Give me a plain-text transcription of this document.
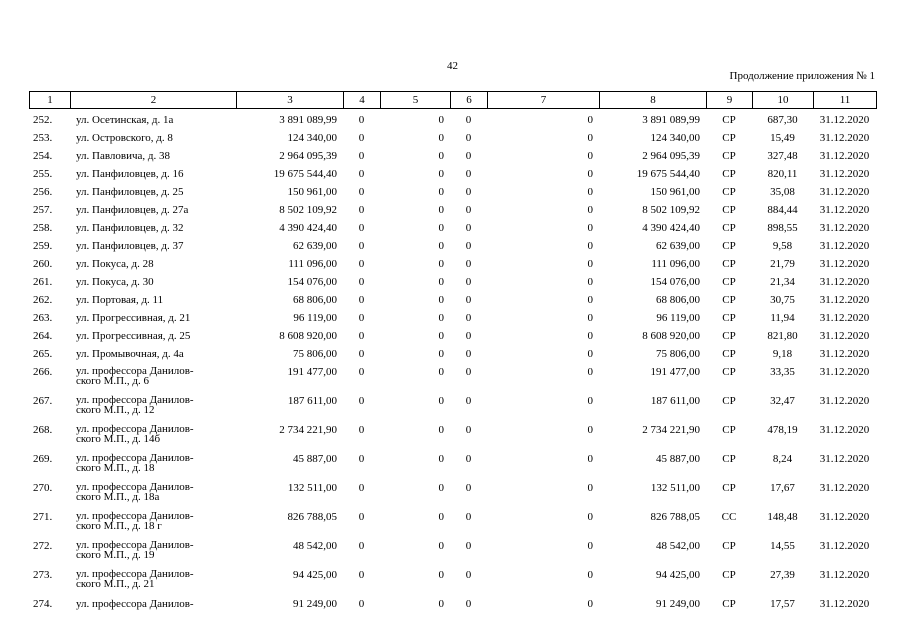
42
Продолжение приложения № 1
1	2	3	4	5	6	7	8	9	10	11
252.	ул. Осетинская, д. 1а	3 891 089,99	0	0	0	0	3 891 089,99	СР	687,30	31.12.2020
253.	ул. Островского, д. 8	124 340,00	0	0	0	0	124 340,00	СР	15,49	31.12.2020
254.	ул. Павловича, д. 38	2 964 095,39	0	0	0	0	2 964 095,39	СР	327,48	31.12.2020
255.	ул. Панфиловцев, д. 16	19 675 544,40	0	0	0	0	19 675 544,40	СР	820,11	31.12.2020
256.	ул. Панфиловцев, д. 25	150 961,00	0	0	0	0	150 961,00	СР	35,08	31.12.2020
257.	ул. Панфиловцев, д. 27а	8 502 109,92	0	0	0	0	8 502 109,92	СР	884,44	31.12.2020
258.	ул. Панфиловцев, д. 32	4 390 424,40	0	0	0	0	4 390 424,40	СР	898,55	31.12.2020
259.	ул. Панфиловцев, д. 37	62 639,00	0	0	0	0	62 639,00	СР	9,58	31.12.2020
260.	ул. Покуса, д. 28	111 096,00	0	0	0	0	111 096,00	СР	21,79	31.12.2020
261.	ул. Покуса, д. 30	154 076,00	0	0	0	0	154 076,00	СР	21,34	31.12.2020
262.	ул. Портовая, д. 11	68 806,00	0	0	0	0	68 806,00	СР	30,75	31.12.2020
263.	ул. Прогрессивная, д. 21	96 119,00	0	0	0	0	96 119,00	СР	11,94	31.12.2020
264.	ул. Прогрессивная, д. 25	8 608 920,00	0	0	0	0	8 608 920,00	СР	821,80	31.12.2020
265.	ул. Промывочная, д. 4а	75 806,00	0	0	0	0	75 806,00	СР	9,18	31.12.2020
266.	ул. профессора Данилов-
ского М.П., д. 6	191 477,00	0	0	0	0	191 477,00	СР	33,35	31.12.2020
267.	ул. профессора Данилов-
ского М.П., д. 12	187 611,00	0	0	0	0	187 611,00	СР	32,47	31.12.2020
268.	ул. профессора Данилов-
ского М.П., д. 14б	2 734 221,90	0	0	0	0	2 734 221,90	СР	478,19	31.12.2020
269.	ул. профессора Данилов-
ского М.П., д. 18	45 887,00	0	0	0	0	45 887,00	СР	8,24	31.12.2020
270.	ул. профессора Данилов-
ского М.П., д. 18а	132 511,00	0	0	0	0	132 511,00	СР	17,67	31.12.2020
271.	ул. профессора Данилов-
ского М.П., д. 18 г	826 788,05	0	0	0	0	826 788,05	СС	148,48	31.12.2020
272.	ул. профессора Данилов-
ского М.П., д. 19	48 542,00	0	0	0	0	48 542,00	СР	14,55	31.12.2020
273.	ул. профессора Данилов-
ского М.П., д. 21	94 425,00	0	0	0	0	94 425,00	СР	27,39	31.12.2020
274.	ул. профессора Данилов-	91 249,00	0	0	0	0	91 249,00	СР	17,57	31.12.2020
